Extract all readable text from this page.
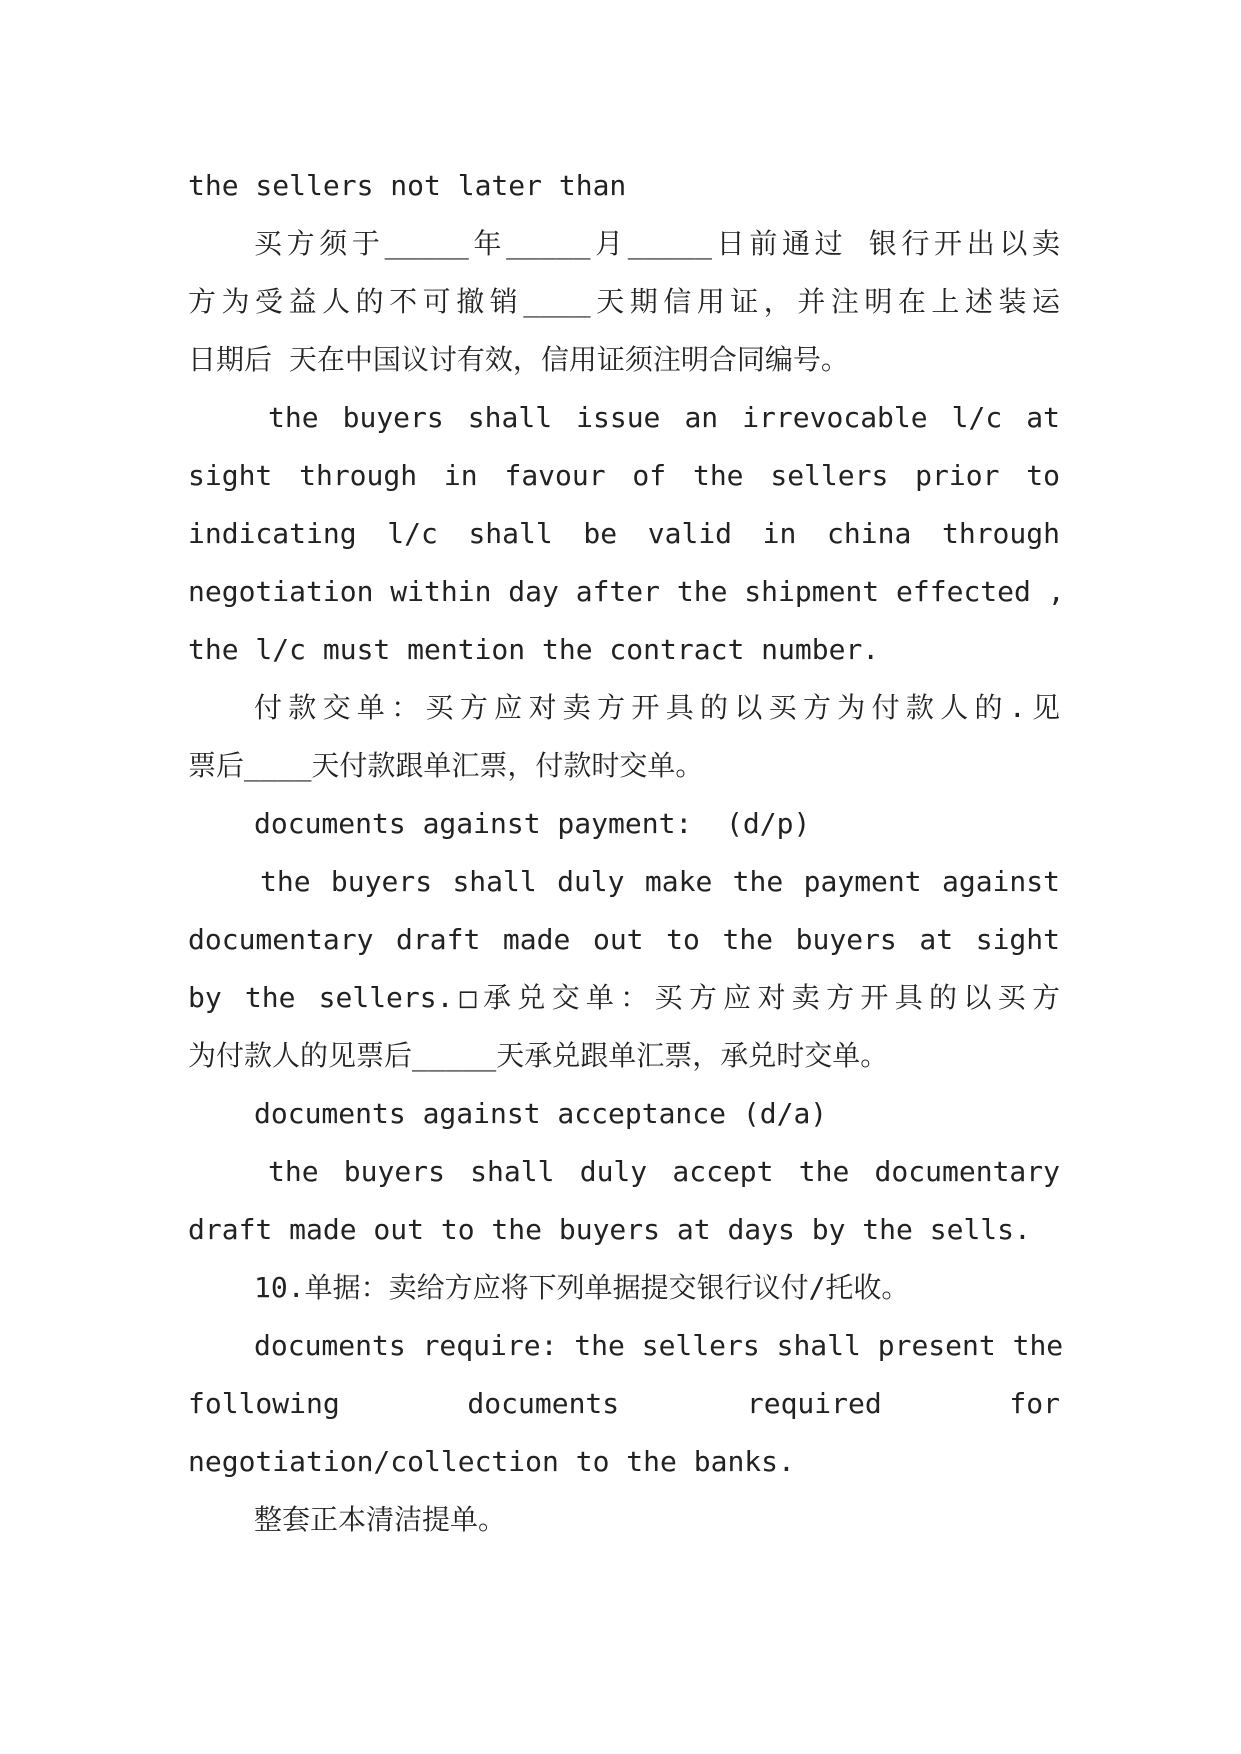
the sellers not later than
买方须于_____年_____月_____日前通过 银行开出以卖
方为受益人的不可撤销____天期信用证，并注明在上述装运
日期后 天在中国议讨有效，信用证须注明合同编号。
the buyers shall issue an irrevocable l/c at
sight through in favour of the sellers prior to
indicating l/c shall be valid in china through
negotiation within day after the shipment effected ,
the l/c must mention the contract number.
付款交单：买方应对卖方开具的以买方为付款人的.见
票后____天付款跟单汇票，付款时交单。
documents against payment:  (d/p)
the buyers shall duly make the payment against
documentary draft made out to the buyers at sight
by the sellers.□承兑交单：买方应对卖方开具的以买方
为付款人的见票后_____天承兑跟单汇票，承兑时交单。
documents against acceptance (d/a)
the buyers shall duly accept the documentary
draft made out to the buyers at days by the sells.
10.单据：卖给方应将下列单据提交银行议付/托收。
documents require: the sellers shall present the
following documents required for
negotiation/collection to the banks.
整套正本清洁提单。
